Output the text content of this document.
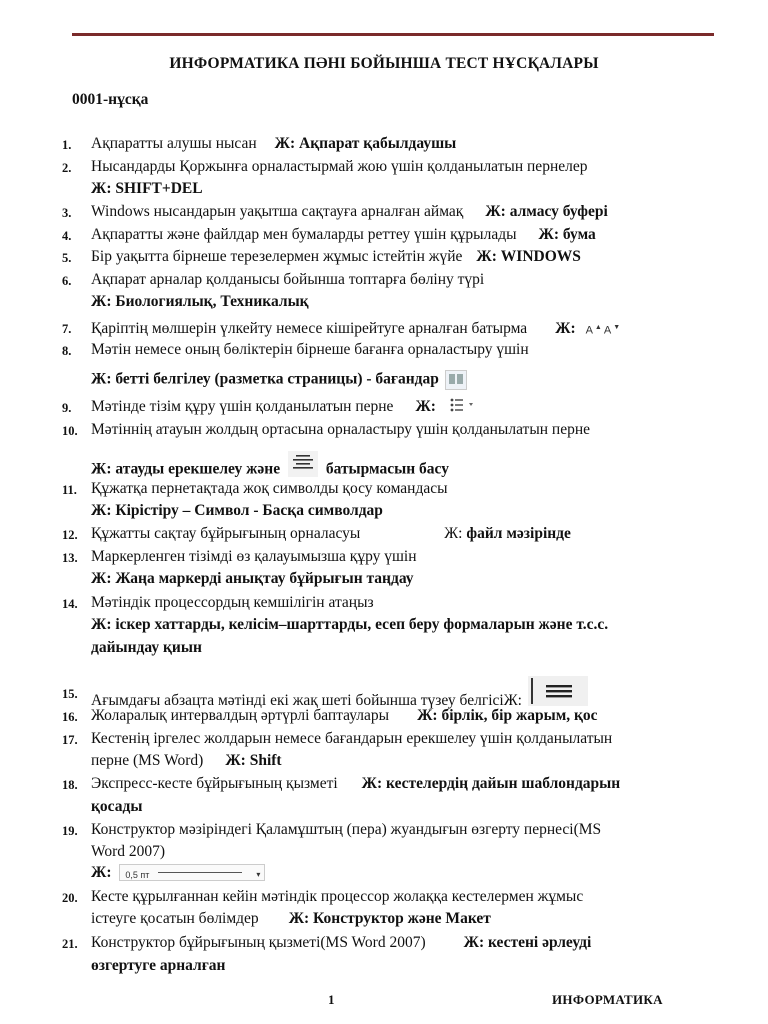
ИНФОРМАТИКА ПӘНІ БОЙЫНША ТЕСТ НҰСҚАЛАРЫ
0001-нұсқа
1.	Ақпаратты алушы нысан Ж: Ақпарат қабылдаушы
2.	Нысандарды Қоржынға орналастырмай жою үшін қолданылатын пернелер
Ж: SHIFT+DEL
3.	Windows нысандарын уақытша сақтауға арналған аймақ Ж: алмасу буфері
4.	Ақпаратты және файлдар мен бумаларды реттеу үшін құрылады Ж: бума
5.	Бір уақытта бірнеше терезелермен жұмыс істейтін жүйе Ж: WINDOWS
6.	Ақпарат арналар қолданысы бойынша топтарға бөліну түрі
Ж: Биологиялық, Техникалық
7.	Қаріптің мөлшерін үлкейту немесе кішірейтуге арналған батырма Ж: A▲A▼
8.	Мәтін немесе оның бөліктерін бірнеше бағанға орналастыру үшін
Ж: бетті белгілеу (разметка страницы) - бағандар
9.	Мәтінде тізім құру үшін қолданылатын перне Ж:
10. Мәтіннің атауын жолдың ортасына орналастыру үшін қолданылатын перне
Ж: атауды ерекшелеу және	батырмасын басу
11. Құжатқа пернетақтада жоқ символды қосу командасы
Ж: Кірістіру – Символ - Басқа символдар
12. Құжатты сақтау бұйрығының орналасуы	Ж: файл мәзірінде
13. Маркерленген тізімді өз қалауымызша құру үшін
Ж: Жаңа маркерді анықтау бұйрығын таңдау
14. Мәтіндік процессордың кемшілігін атаңыз
Ж: іскер хаттарды, келісім–шарттарды, есеп беру формаларын және т.с.с.
дайындау қиын
15. Ағымдағы абзацта мәтінді екі жақ шеті бойынша түзеу белгісіЖ:
16. Жоларалық интервалдың әртүрлі баптаулары Ж: бірлік, бір жарым, қос
17. Кестенің іргелес жолдарын немесе бағандарын ерекшелеу үшін қолданылатын
перне (MS Word) Ж: Shift
18. Экспресс-кесте бұйрығының қызметі Ж: кестелердің дайын шаблондарын
қосады
19. Конструктор мәзіріндегі Қаламұштың (пера) жуандығын өзгерту пернесі(MS
Word 2007)
Ж: 0,5 пт	▾
20. Кесте құрылғаннан кейін мәтіндік процессор жолаққа кестелермен жұмыс
істеуге қосатын бөлімдер Ж: Конструктор және Макет
21. Конструктор бұйрығының қызметі(MS Word 2007) Ж: кестені әрлеуді
өзгертуге арналған
1	ИНФОРМАТИКА
